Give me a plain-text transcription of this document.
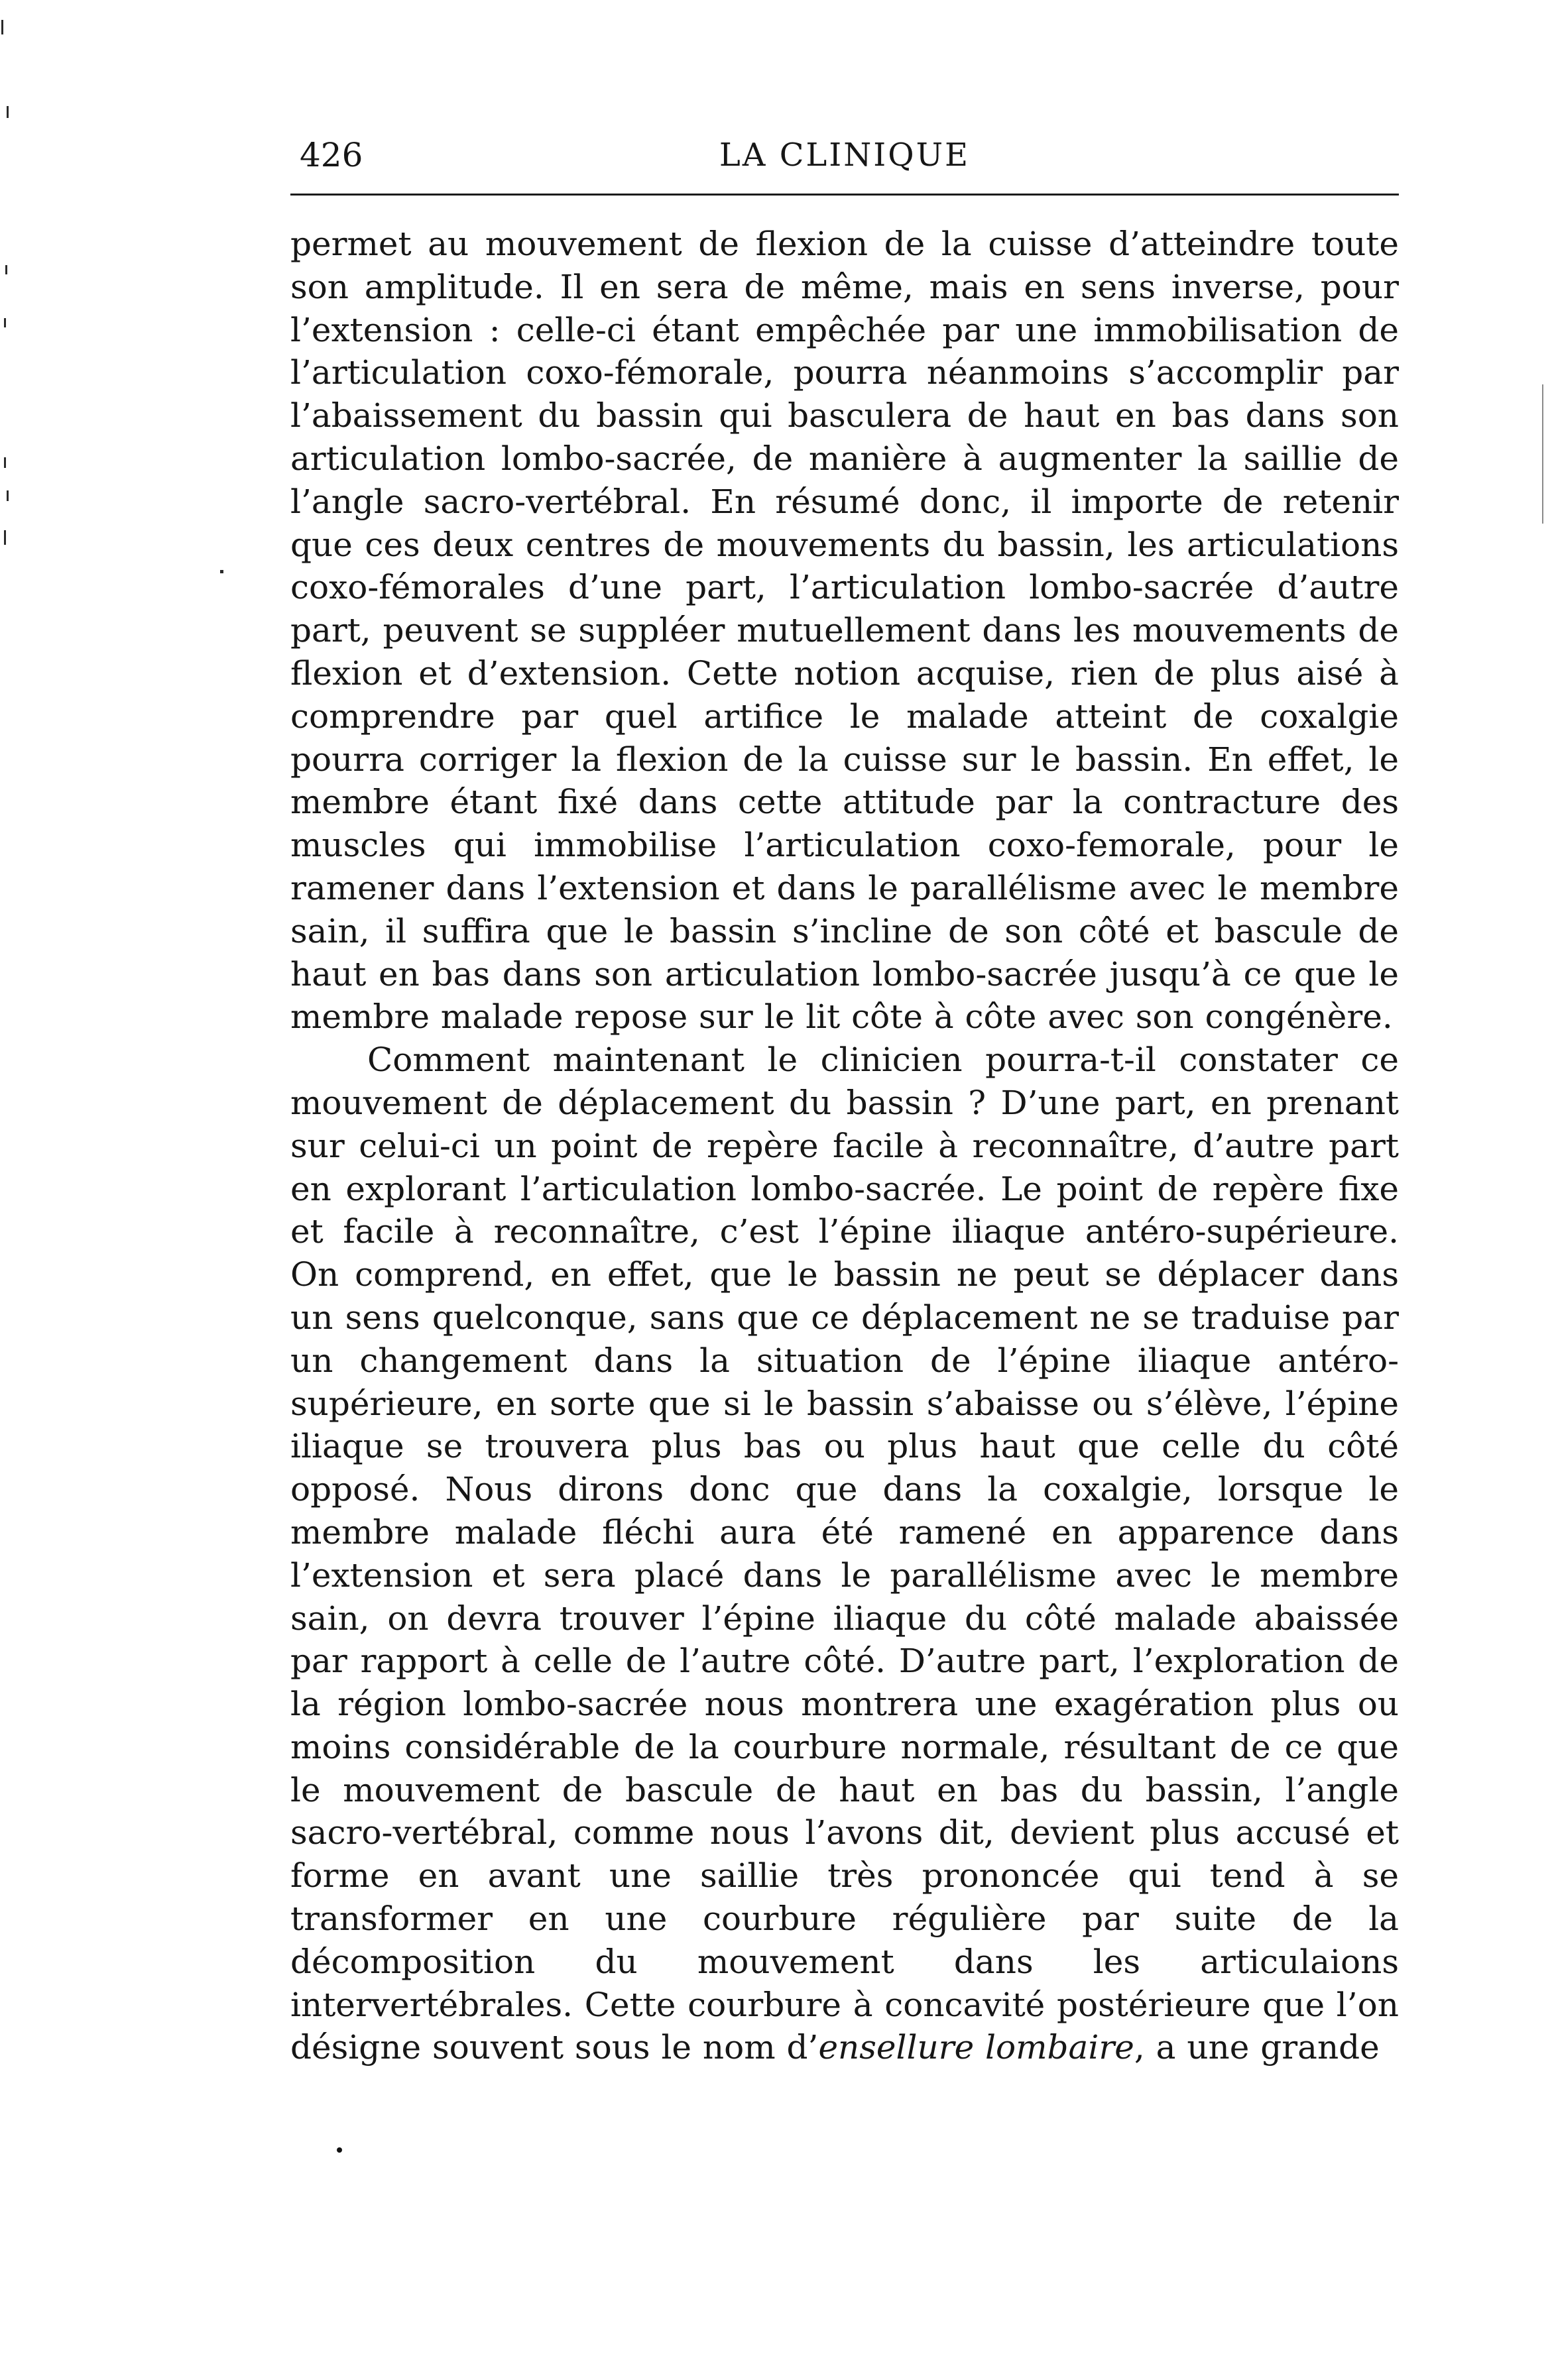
426	LA CLINIQUE

permet au mouvement de flexion de la cuisse d’atteindre toute son amplitude. Il en sera de même, mais en sens inverse, pour l’extension : celle-ci étant empêchée par une immobilisation de l’articulation coxo-fémorale, pourra néanmoins s’accomplir par l’abaissement du bassin qui basculera de haut en bas dans son articulation lombo-sacrée, de manière à augmenter la saillie de l’angle sacro-vertébral. En résumé donc, il importe de retenir que ces deux centres de mouvements du bassin, les articulations coxo-fémorales d’une part, l’articulation lombo-sacrée d’autre part, peuvent se suppléer mutuellement dans les mouvements de flexion et d’extension. Cette notion acquise, rien de plus aisé à comprendre par quel artifice le malade atteint de coxalgie pourra corriger la flexion de la cuisse sur le bassin. En effet, le membre étant fixé dans cette attitude par la contracture des muscles qui immobilise l’articulation coxo-femorale, pour le ramener dans l’extension et dans le parallélisme avec le membre sain, il suffira que le bassin s’incline de son côté et bascule de haut en bas dans son articulation lombo-sacrée jusqu’à ce que le membre malade repose sur le lit côte à côte avec son congénère.

Comment maintenant le clinicien pourra-t-il constater ce mouvement de déplacement du bassin ? D’une part, en prenant sur celui-ci un point de repère facile à reconnaître, d’autre part en explorant l’articulation lombo-sacrée. Le point de repère fixe et facile à reconnaître, c’est l’épine iliaque antéro-supérieure. On comprend, en effet, que le bassin ne peut se déplacer dans un sens quelconque, sans que ce déplacement ne se traduise par un changement dans la situation de l’épine iliaque antéro-supérieure, en sorte que si le bassin s’abaisse ou s’élève, l’épine iliaque se trouvera plus bas ou plus haut que celle du côté opposé. Nous dirons donc que dans la coxalgie, lorsque le membre malade fléchi aura été ramené en apparence dans l’extension et sera placé dans le parallélisme avec le membre sain, on devra trouver l’épine iliaque du côté malade abaissée par rapport à celle de l’autre côté. D’autre part, l’exploration de la région lombo-sacrée nous montrera une exagération plus ou moins considérable de la courbure normale, résultant de ce que le mouvement de bascule de haut en bas du bassin, l’angle sacro-vertébral, comme nous l’avons dit, devient plus accusé et forme en avant une saillie très prononcée qui tend à se transformer en une courbure régulière par suite de la décomposition du mouvement dans les articulaions intervertébrales. Cette courbure à concavité postérieure que l’on désigne souvent sous le nom d’ensellure lombaire, a une grande
